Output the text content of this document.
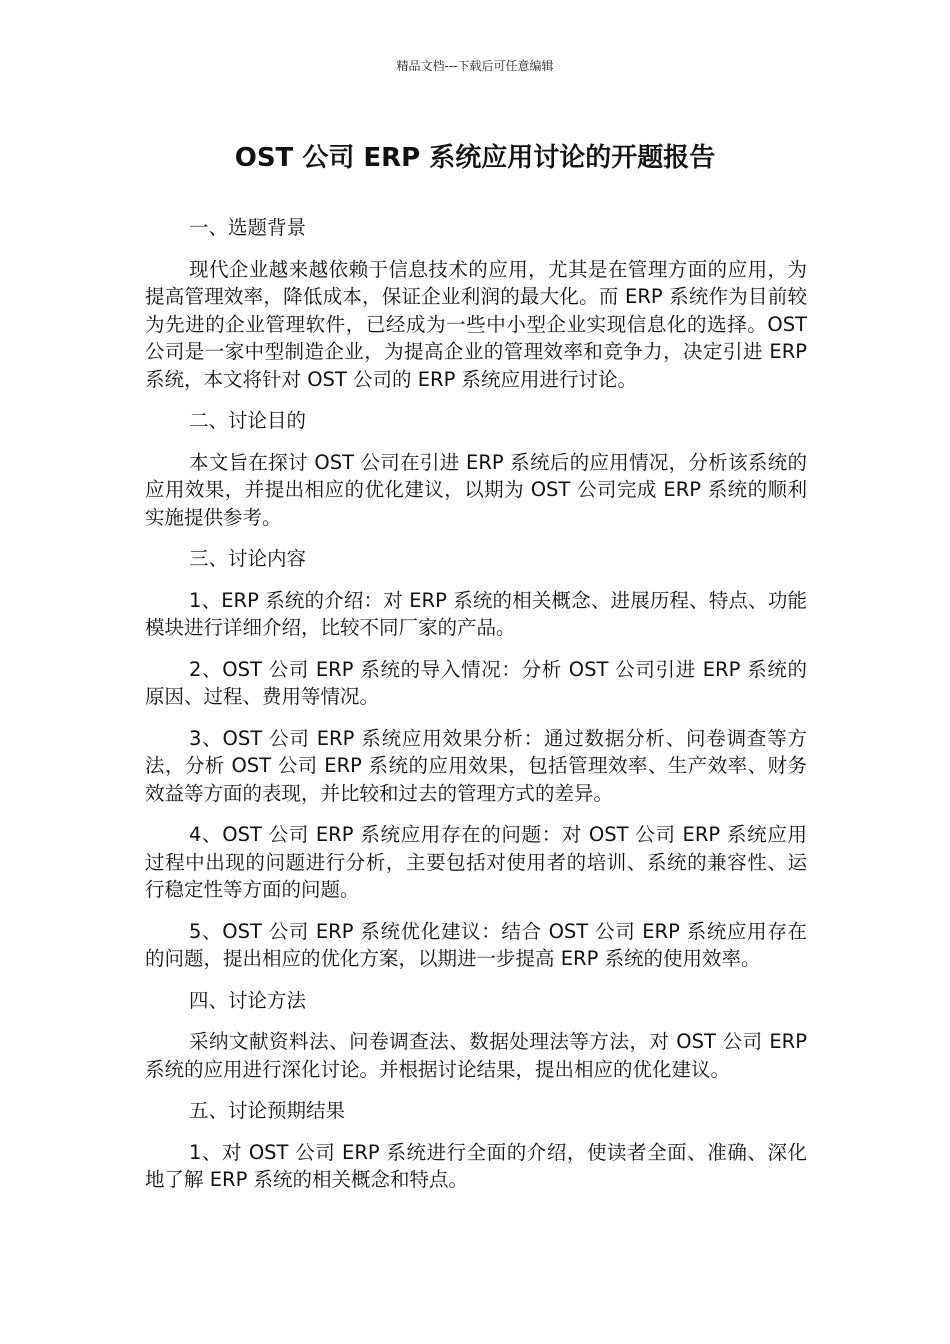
精品文档---下载后可任意编辑
OST 公司 ERP 系统应用讨论的开题报告

一、选题背景

现代企业越来越依赖于信息技术的应用，尤其是在管理方面的应用，为提高管理效率，降低成本，保证企业利润的最大化。而 ERP 系统作为目前较为先进的企业管理软件，已经成为一些中小型企业实现信息化的选择。OST 公司是一家中型制造企业，为提高企业的管理效率和竞争力，决定引进 ERP 系统，本文将针对 OST 公司的 ERP 系统应用进行讨论。

二、讨论目的

本文旨在探讨 OST 公司在引进 ERP 系统后的应用情况，分析该系统的应用效果，并提出相应的优化建议，以期为 OST 公司完成 ERP 系统的顺利实施提供参考。

三、讨论内容

1、ERP 系统的介绍：对 ERP 系统的相关概念、进展历程、特点、功能模块进行详细介绍，比较不同厂家的产品。

2、OST 公司 ERP 系统的导入情况：分析 OST 公司引进 ERP 系统的原因、过程、费用等情况。

3、OST 公司 ERP 系统应用效果分析：通过数据分析、问卷调查等方法，分析 OST 公司 ERP 系统的应用效果，包括管理效率、生产效率、财务效益等方面的表现，并比较和过去的管理方式的差异。

4、OST 公司 ERP 系统应用存在的问题：对 OST 公司 ERP 系统应用过程中出现的问题进行分析，主要包括对使用者的培训、系统的兼容性、运行稳定性等方面的问题。

5、OST 公司 ERP 系统优化建议：结合 OST 公司 ERP 系统应用存在的问题，提出相应的优化方案，以期进一步提高 ERP 系统的使用效率。

四、讨论方法

采纳文献资料法、问卷调查法、数据处理法等方法，对 OST 公司 ERP 系统的应用进行深化讨论。并根据讨论结果，提出相应的优化建议。

五、讨论预期结果

1、对 OST 公司 ERP 系统进行全面的介绍，使读者全面、准确、深化地了解 ERP 系统的相关概念和特点。
